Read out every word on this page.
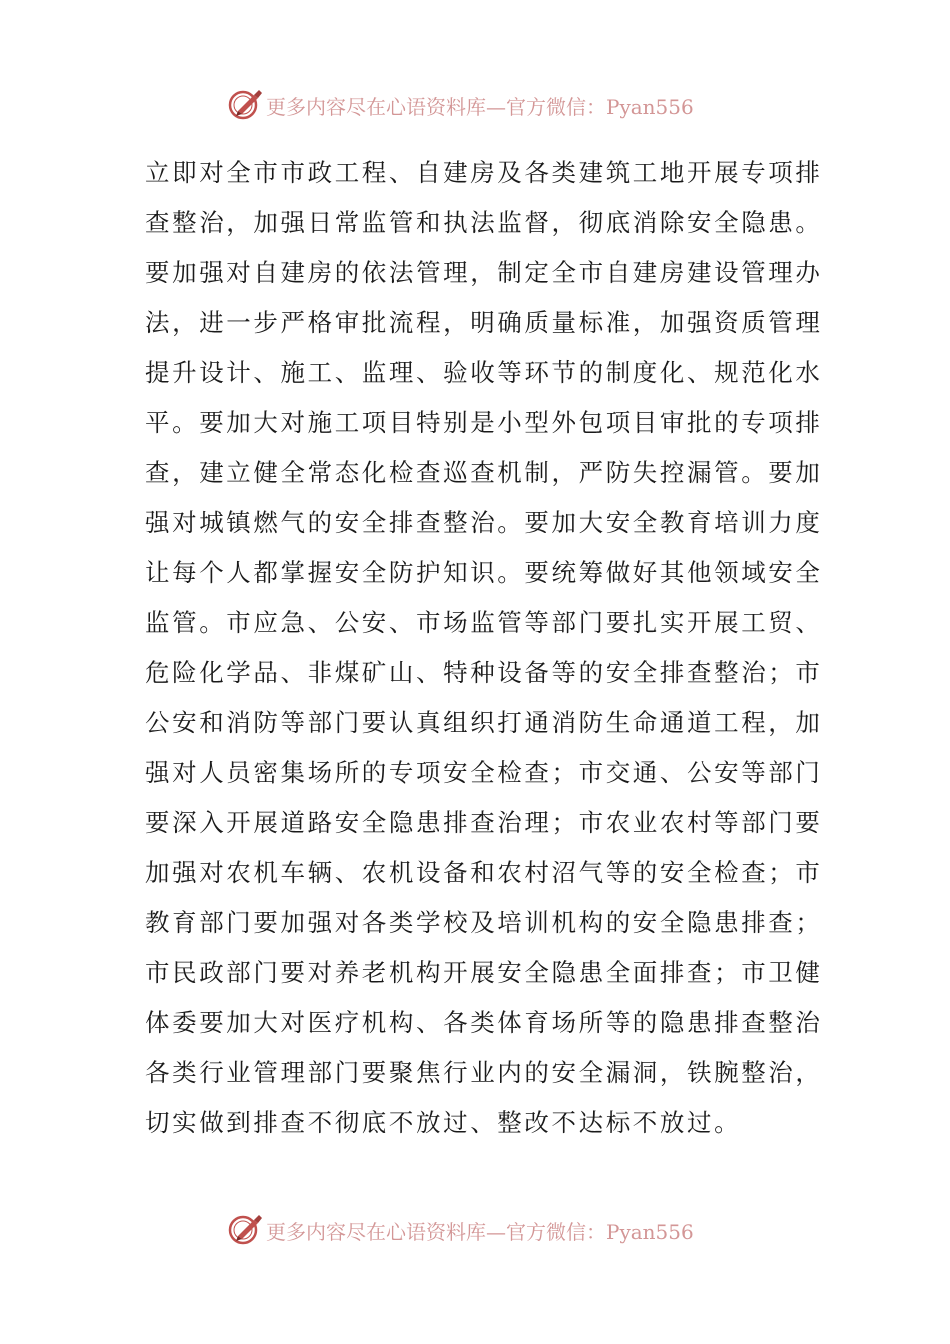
更多内容尽在心语资料库—官方微信：Pyan556
立即对全市市政工程、自建房及各类建筑工地开展专项排
查整治，加强日常监管和执法监督，彻底消除安全隐患。
要加强对自建房的依法管理，制定全市自建房建设管理办
法，进一步严格审批流程，明确质量标准，加强资质管理
提升设计、施工、监理、验收等环节的制度化、规范化水
平。要加大对施工项目特别是小型外包项目审批的专项排
查，建立健全常态化检查巡查机制，严防失控漏管。要加
强对城镇燃气的安全排查整治。要加大安全教育培训力度
让每个人都掌握安全防护知识。要统筹做好其他领域安全
监管。市应急、公安、市场监管等部门要扎实开展工贸、
危险化学品、非煤矿山、特种设备等的安全排查整治；市
公安和消防等部门要认真组织打通消防生命通道工程，加
强对人员密集场所的专项安全检查；市交通、公安等部门
要深入开展道路安全隐患排查治理；市农业农村等部门要
加强对农机车辆、农机设备和农村沼气等的安全检查；市
教育部门要加强对各类学校及培训机构的安全隐患排查；
市民政部门要对养老机构开展安全隐患全面排查；市卫健
体委要加大对医疗机构、各类体育场所等的隐患排查整治
各类行业管理部门要聚焦行业内的安全漏洞，铁腕整治，
切实做到排查不彻底不放过、整改不达标不放过。
更多内容尽在心语资料库—官方微信：Pyan556
